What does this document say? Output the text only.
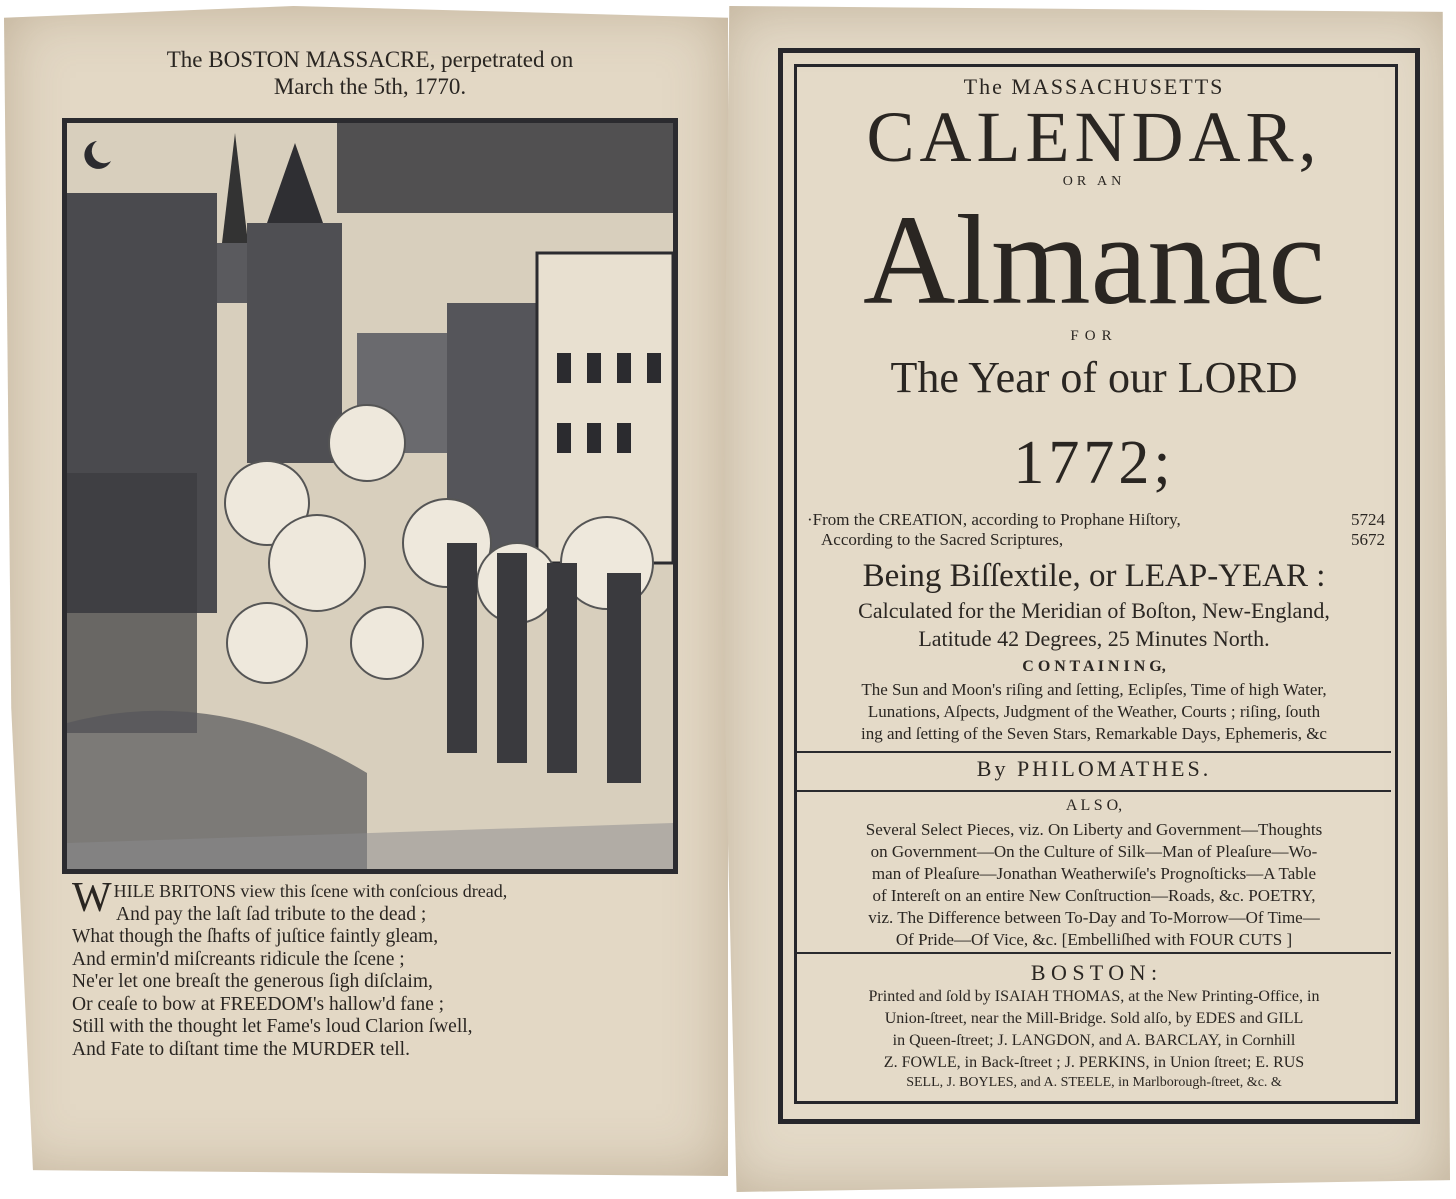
The BOSTON MASSACRE, perpetrated on
March the 5th, 1770.
WHILE BRITONS view this ſcene with conſcious dread,
And pay the laſt ſad tribute to the dead ;
What though the ſhafts of juſtice faintly gleam,
And ermin'd miſcreants ridicule the ſcene ;
Ne'er let one breaſt the generous ſigh diſclaim,
Or ceaſe to bow at FREEDOM's hallow'd fane ;
Still with the thought let Fame's loud Clarion ſwell,
And Fate to diſtant time the MURDER tell.
The MASSACHUSETTS
CALENDAR,
OR AN
Almanac
FOR
The Year of our LORD
1772;
·From the CREATION, according to Prophane Hiſtory,	5724
According to the Sacred Scriptures,	5672
Being Biſſextile, or LEAP-YEAR :
Calculated for the Meridian of Boſton, New-England,
Latitude 42 Degrees, 25 Minutes North.
C O N T A I N I N G,
The Sun and Moon's riſing and ſetting, Eclipſes, Time of high Water,
Lunations, Aſpects, Judgment of the Weather, Courts ; riſing, ſouth
ing and ſetting of the Seven Stars, Remarkable Days, Ephemeris, &c
By PHILOMATHES.
A L S O,
Several Select Pieces, viz. On Liberty and Government—Thoughts
on Government—On the Culture of Silk—Man of Pleaſure—Wo-
man of Pleaſure—Jonathan Weatherwiſe's Prognoſticks—A Table
of Intereſt on an entire New Conſtruction—Roads, &c. POETRY,
viz. The Difference between To-Day and To-Morrow—Of Time—
Of Pride—Of Vice, &c. [Embelliſhed with FOUR CUTS ]
B O S T O N :
Printed and ſold by ISAIAH THOMAS, at the New Printing-Office, in
Union-ſtreet, near the Mill-Bridge. Sold alſo, by EDES and GILL
in Queen-ſtreet; J. LANGDON, and A. BARCLAY, in Cornhill
Z. FOWLE, in Back-ſtreet ; J. PERKINS, in Union ſtreet; E. RUS
SELL, J. BOYLES, and A. STEELE, in Marlborough-ſtreet, &c. &
